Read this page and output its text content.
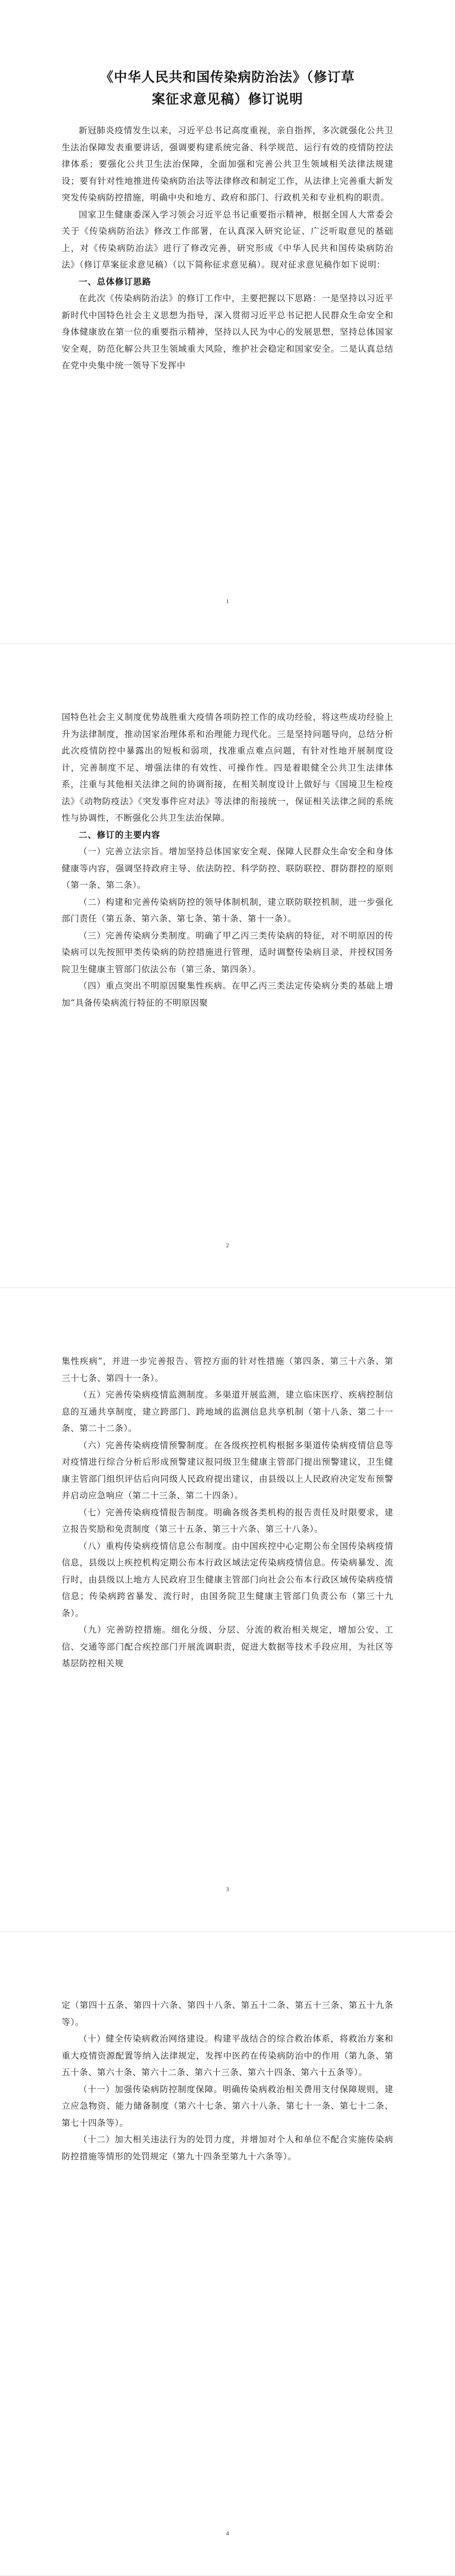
《中华人民共和国传染病防治法》（修订草
案征求意见稿）修订说明

新冠肺炎疫情发生以来，习近平总书记高度重视，亲自指挥，多次就强化公共卫生法治保障发表重要讲话，强调要构建系统完备、科学规范、运行有效的疫情防控法律体系；要强化公共卫生法治保障，全面加强和完善公共卫生领域相关法律法规建设；要有针对性地推进传染病防治法等法律修改和制定工作，从法律上完善重大新发突发传染病防控措施，明确中央和地方、政府和部门、行政机关和专业机构的职责。

国家卫生健康委深入学习领会习近平总书记重要指示精神，根据全国人大常委会关于《传染病防治法》修改工作部署，在认真深入研究论证、广泛听取意见的基础上，对《传染病防治法》进行了修改完善，研究形成《中华人民共和国传染病防治法》（修订草案征求意见稿）（以下简称征求意见稿）。现对征求意见稿作如下说明：

一、总体修订思路

在此次《传染病防治法》的修订工作中，主要把握以下思路：一是坚持以习近平新时代中国特色社会主义思想为指导，深入贯彻习近平总书记把人民群众生命安全和身体健康放在第一位的重要指示精神，坚持以人民为中心的发展思想，坚持总体国家安全观，防范化解公共卫生领域重大风险，维护社会稳定和国家安全。二是认真总结在党中央集中统一领导下发挥中

1

国特色社会主义制度优势战胜重大疫情各项防控工作的成功经验，将这些成功经验上升为法律制度，推动国家治理体系和治理能力现代化。三是坚持问题导向，总结分析此次疫情防控中暴露出的短板和弱项，找准重点难点问题，有针对性地开展制度设计，完善制度不足、增强法律的有效性、可操作性。四是着眼健全公共卫生法律体系，注重与其他相关法律之间的协调衔接，在相关制度设计上做好与《国境卫生检疫法》《动物防疫法》《突发事件应对法》等法律的衔接统一，保证相关法律之间的系统性与协调性，不断强化公共卫生法治保障。

二、修订的主要内容

（一）完善立法宗旨。增加坚持总体国家安全观、保障人民群众生命安全和身体健康等内容，强调坚持政府主导、依法防控、科学防控、联防联控、群防群控的原则（第一条、第二条）。

（二）构建和完善传染病防控的领导体制机制，建立联防联控机制，进一步强化部门责任（第五条、第六条、第七条、第十条、第十一条）。

（三）完善传染病分类制度。明确了甲乙丙三类传染病的特征，对不明原因的传染病可以先按照甲类传染病的防控措施进行管理，适时调整传染病目录，并授权国务院卫生健康主管部门依法公布（第三条、第四条）。

（四）重点突出不明原因聚集性疾病。在甲乙丙三类法定传染病分类的基础上增加“具备传染病流行特征的不明原因聚

2

集性疾病”，并进一步完善报告、管控方面的针对性措施（第四条、第三十六条、第三十七条、第四十一条）。

（五）完善传染病疫情监测制度。多渠道开展监测，建立临床医疗、疾病控制信息的互通共享制度，建立跨部门、跨地域的监测信息共享机制（第十八条、第二十一条、第二十二条）。

（六）完善传染病疫情预警制度。在各级疾控机构根据多渠道传染病疫情信息等对疫情进行综合分析后形成预警建议报同级卫生健康主管部门提出预警建议，卫生健康主管部门组织评估后向同级人民政府提出建议，由县级以上人民政府决定发布预警并启动应急响应（第二十三条、第二十四条）。

（七）完善传染病疫情报告制度。明确各级各类机构的报告责任及时限要求，建立报告奖励和免责制度（第三十五条、第三十六条、第三十八条）。

（八）重构传染病疫情信息公布制度。由中国疾控中心定期公布全国传染病疫情信息，县级以上疾控机构定期公布本行政区域法定传染病疫情信息。传染病暴发、流行时，由县级以上地方人民政府卫生健康主管部门向社会公布本行政区域传染病疫情信息；传染病跨省暴发、流行时，由国务院卫生健康主管部门负责公布（第三十九条）。

（九）完善防控措施。细化分级、分层、分流的救治相关规定，增加公安、工信、交通等部门配合疾控部门开展流调职责，促进大数据等技术手段应用，为社区等基层防控相关规

3

定（第四十五条、第四十六条、第四十八条、第五十二条、第五十三条、第五十九条等）。

（十）健全传染病救治网络建设。构建平战结合的综合救治体系，将救治方案和重大疫情资源配置等纳入法律规定，发挥中医药在传染病防治中的作用（第九条、第五十条、第六十条、第六十二条、第六十三条、第六十四条、第六十五条等）。

（十一）加强传染病防控制度保障。明确传染病救治相关费用支付保障规则，建立应急物资、能力储备制度（第六十七条、第六十八条、第七十一条、第七十二条、第七十四条等）。

（十二）加大相关违法行为的处罚力度，并增加对个人和单位不配合实施传染病防控措施等情形的处罚规定（第九十四条至第九十六条等）。

4
